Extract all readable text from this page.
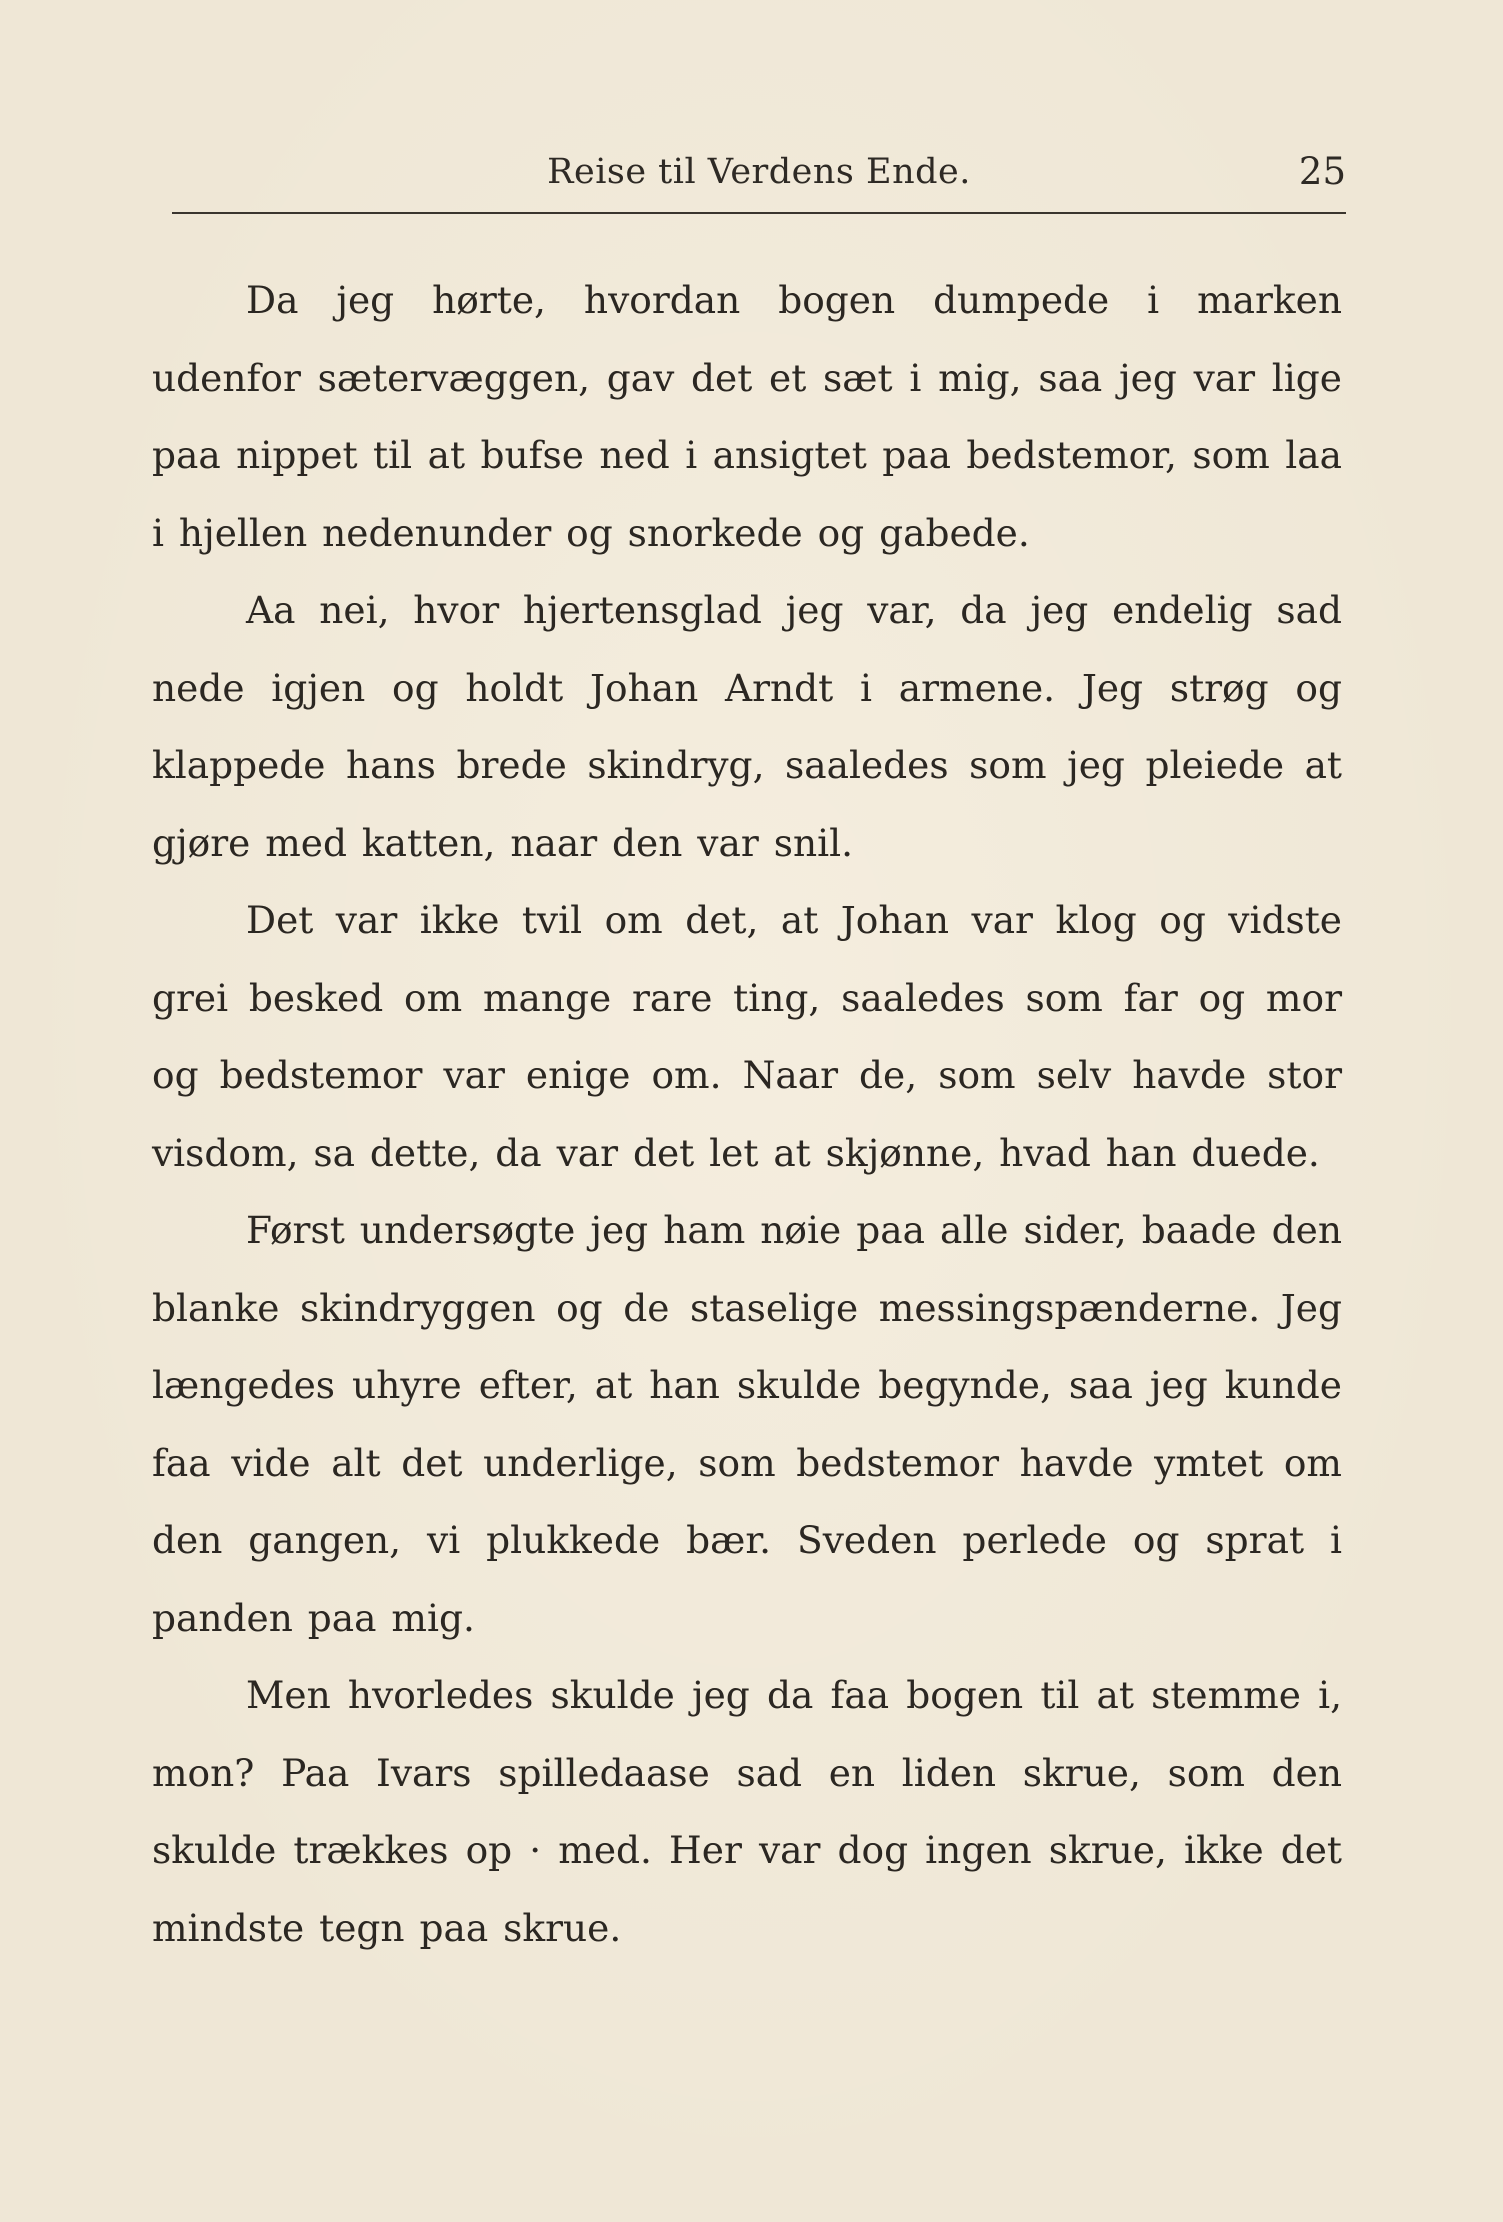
Reise til Verdens Ende.	25

Da jeg hørte, hvordan bogen dumpede i marken udenfor sætervæggen, gav det et sæt i mig, saa jeg var lige paa nippet til at bufse ned i ansigtet paa bedstemor, som laa i hjellen nedenunder og snorkede og gabede.

Aa nei, hvor hjertensglad jeg var, da jeg endelig sad nede igjen og holdt Johan Arndt i armene. Jeg strøg og klappede hans brede skindryg, saaledes som jeg pleiede at gjøre med katten, naar den var snil.

Det var ikke tvil om det, at Johan var klog og vidste grei besked om mange rare ting, saaledes som far og mor og bedstemor var enige om. Naar de, som selv havde stor visdom, sa dette, da var det let at skjønne, hvad han duede.

Først undersøgte jeg ham nøie paa alle sider, baade den blanke skindryggen og de staselige messingspænderne. Jeg længedes uhyre efter, at han skulde begynde, saa jeg kunde faa vide alt det underlige, som bedstemor havde ymtet om den gangen, vi plukkede bær. Sveden perlede og sprat i panden paa mig.

Men hvorledes skulde jeg da faa bogen til at stemme i, mon? Paa Ivars spilledaase sad en liden skrue, som den skulde trækkes op · med. Her var dog ingen skrue, ikke det mindste tegn paa skrue.
